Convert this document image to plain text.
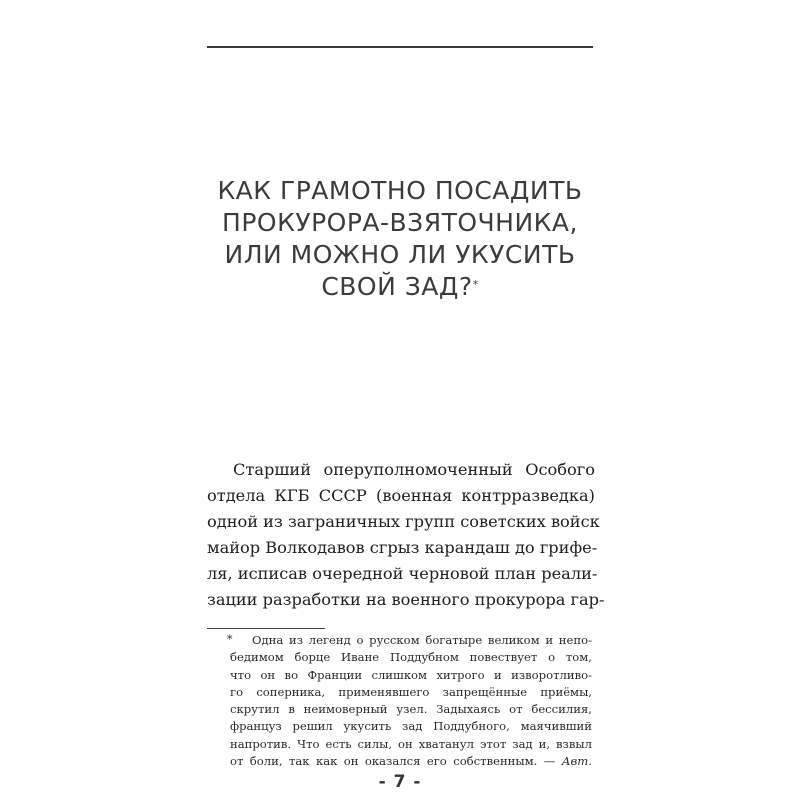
КАК ГРАМОТНО ПОСАДИТЬ
ПРОКУРОРА-ВЗЯТОЧНИКА,
ИЛИ МОЖНО ЛИ УКУСИТЬ
СВОЙ ЗАД?*
Старший оперуполномоченный Особого
отдела КГБ СССР (военная контрразведка)
одной из заграничных групп советских войск
майор Волкодавов сгрыз карандаш до грифе-
ля, исписав очередной черновой план реали-
зации разработки на военного прокурора гар-
*	Одна из легенд о русском богатыре великом и непо-
бедимом борце Иване Поддубном повествует о том,
что он во Франции слишком хитрого и изворотливо-
го соперника, применявшего запрещённые приёмы,
скрутил в неимоверный узел. Задыхаясь от бессилия,
француз решил укусить зад Поддубного, маячивший
напротив. Что есть силы, он хватанул этот зад и, взвыл
от боли, так как он оказался его собственным. — Авт.
- 7 -
